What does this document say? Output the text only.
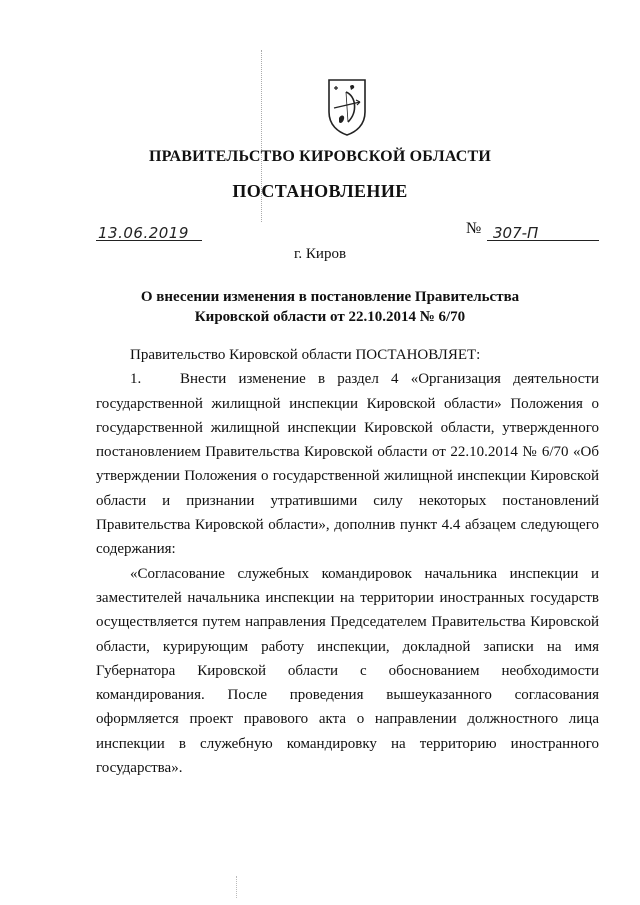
ПРАВИТЕЛЬСТВО КИРОВСКОЙ ОБЛАСТИ
ПОСТАНОВЛЕНИЕ
13.06.2019	№ 307-П
г. Киров
О внесении изменения в постановление Правительства
Кировской области от 22.10.2014 № 6/70

Правительство Кировской области ПОСТАНОВЛЯЕТ:

1.	Внести изменение в раздел 4 «Организация деятельности государственной жилищной инспекции Кировской области» Положения о государственной жилищной инспекции Кировской области, утвержденного постановлением Правительства Кировской области от 22.10.2014 № 6/70 «Об утверждении Положения о государственной жилищной инспекции Кировской области и признании утратившими силу некоторых постановлений Правительства Кировской области», дополнив пункт 4.4 абзацем следующего содержания:

«Согласование служебных командировок начальника инспекции и заместителей начальника инспекции на территории иностранных государств осуществляется путем направления Председателем Правительства Кировской области, курирующим работу инспекции, докладной записки на имя Губернатора Кировской области с обоснованием необходимости командирования. После проведения вышеуказанного согласования оформляется проект правового акта о направлении должностного лица инспекции в служебную командировку на территорию иностранного государства».
